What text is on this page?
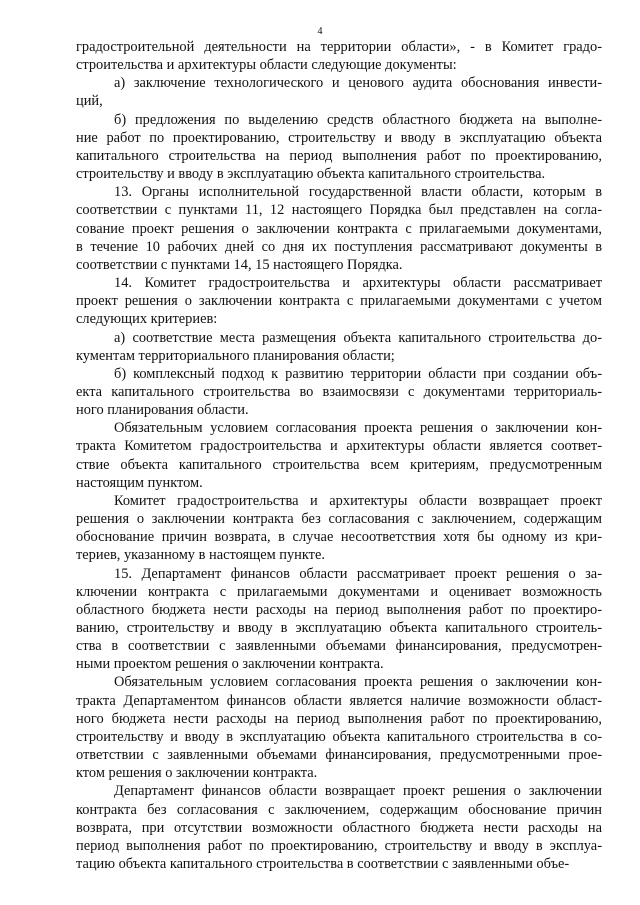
4
градостроительной деятельности на территории области», - в Комитет градо-
строительства и архитектуры области следующие документы:
а) заключение технологического и ценового аудита обоснования инвести-
ций,
б) предложения по выделению средств областного бюджета на выполне-
ние работ по проектированию, строительству и вводу в эксплуатацию объекта
капитального строительства на период выполнения работ по проектированию,
строительству и вводу в эксплуатацию объекта капитального строительства.
13. Органы исполнительной государственной власти области, которым в
соответствии с пунктами 11, 12 настоящего Порядка был представлен на согла-
сование проект решения о заключении контракта с прилагаемыми документами,
в течение 10 рабочих дней со дня их поступления рассматривают документы в
соответствии с пунктами 14, 15 настоящего Порядка.
14. Комитет градостроительства и архитектуры области рассматривает
проект решения о заключении контракта с прилагаемыми документами с учетом
следующих критериев:
а) соответствие места размещения объекта капитального строительства до-
кументам территориального планирования области;
б) комплексный подход к развитию территории области при создании объ-
екта капитального строительства во взаимосвязи с документами территориаль-
ного планирования области.
Обязательным условием согласования проекта решения о заключении кон-
тракта Комитетом градостроительства и архитектуры области является соответ-
ствие объекта капитального строительства всем критериям, предусмотренным
настоящим пунктом.
Комитет градостроительства и архитектуры области возвращает проект
решения о заключении контракта без согласования с заключением, содержащим
обоснование причин возврата, в случае несоответствия хотя бы одному из кри-
териев, указанному в настоящем пункте.
15. Департамент финансов области рассматривает проект решения о за-
ключении контракта с прилагаемыми документами и оценивает возможность
областного бюджета нести расходы на период выполнения работ по проектиро-
ванию, строительству и вводу в эксплуатацию объекта капитального строитель-
ства в соответствии с заявленными объемами финансирования, предусмотрен-
ными проектом решения о заключении контракта.
Обязательным условием согласования проекта решения о заключении кон-
тракта Департаментом финансов области является наличие возможности област-
ного бюджета нести расходы на период выполнения работ по проектированию,
строительству и вводу в эксплуатацию объекта капитального строительства в со-
ответствии с заявленными объемами финансирования, предусмотренными прое-
ктом решения о заключении контракта.
Департамент финансов области возвращает проект решения о заключении
контракта без согласования с заключением, содержащим обоснование причин
возврата, при отсутствии возможности областного бюджета нести расходы на
период выполнения работ по проектированию, строительству и вводу в эксплуа-
тацию объекта капитального строительства в соответствии с заявленными объе-
